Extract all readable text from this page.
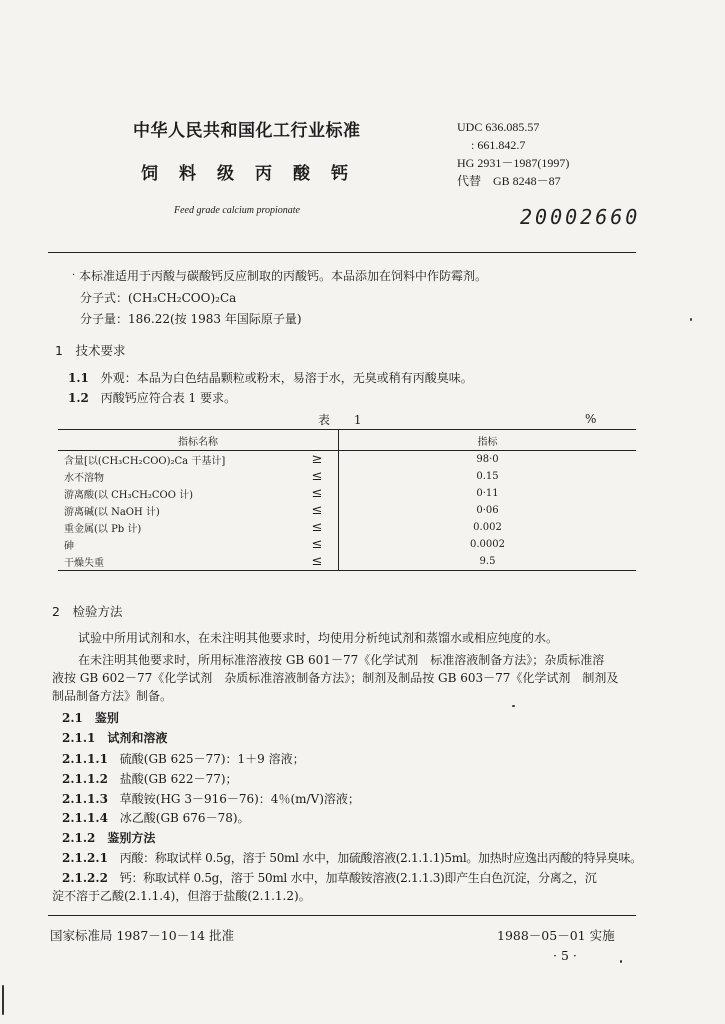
中华人民共和国化工行业标准
饲料级丙酸钙
Feed grade calcium propionate
UDC 636.085.57
: 661.842.7
HG 2931－1987(1997)
代替　GB 8248－87
20002660
· 本标准适用于丙酸与碳酸钙反应制取的丙酸钙。本品添加在饲料中作防霉剂。
分子式：(CH₃CH₂COO)₂Ca
分子量：186.22(按 1983 年国际原子量)
1　技术要求
1.1 外观：本品为白色结晶颗粒或粉末，易溶于水，无臭或稍有丙酸臭味。
1.2 丙酸钙应符合表 1 要求。
表 1	%
指标名称		指标
含量[以(CH₃CH₂COO)₂Ca 干基计]	≥	98·0
水不溶物	≤	0.15
游离酸(以 CH₃CH₂COO 计)	≤	0·11
游离碱(以 NaOH 计)	≤	0·06
重金属(以 Pb 计)	≤	0.002
砷	≤	0.0002
干燥失重	≤	9.5
2　检验方法
试验中所用试剂和水，在未注明其他要求时，均使用分析纯试剂和蒸馏水或相应纯度的水。
在未注明其他要求时，所用标准溶液按 GB 601－77《化学试剂　标准溶液制备方法》；杂质标准溶
液按 GB 602－77《化学试剂　杂质标准溶液制备方法》；制剂及制品按 GB 603－77《化学试剂　制剂及
制品制备方法》制备。
2.1　鉴别
2.1.1　试剂和溶液
2.1.1.1 硫酸(GB 625－77)：1＋9 溶液；
2.1.1.2 盐酸(GB 622－77)；
2.1.1.3 草酸铵(HG 3－916－76)：4％(m/V)溶液；
2.1.1.4 冰乙酸(GB 676－78)。
2.1.2　鉴别方法
2.1.2.1 丙酸：称取试样 0.5g，溶于 50ml 水中，加硫酸溶液(2.1.1.1)5ml。加热时应逸出丙酸的特异臭味。
2.1.2.2 钙：称取试样 0.5g，溶于 50ml 水中，加草酸铵溶液(2.1.1.3)即产生白色沉淀，分离之，沉
淀不溶于乙酸(2.1.1.4)，但溶于盐酸(2.1.1.2)。
国家标准局 1987－10－14 批准	1988－05－01 实施
· 5 ·
